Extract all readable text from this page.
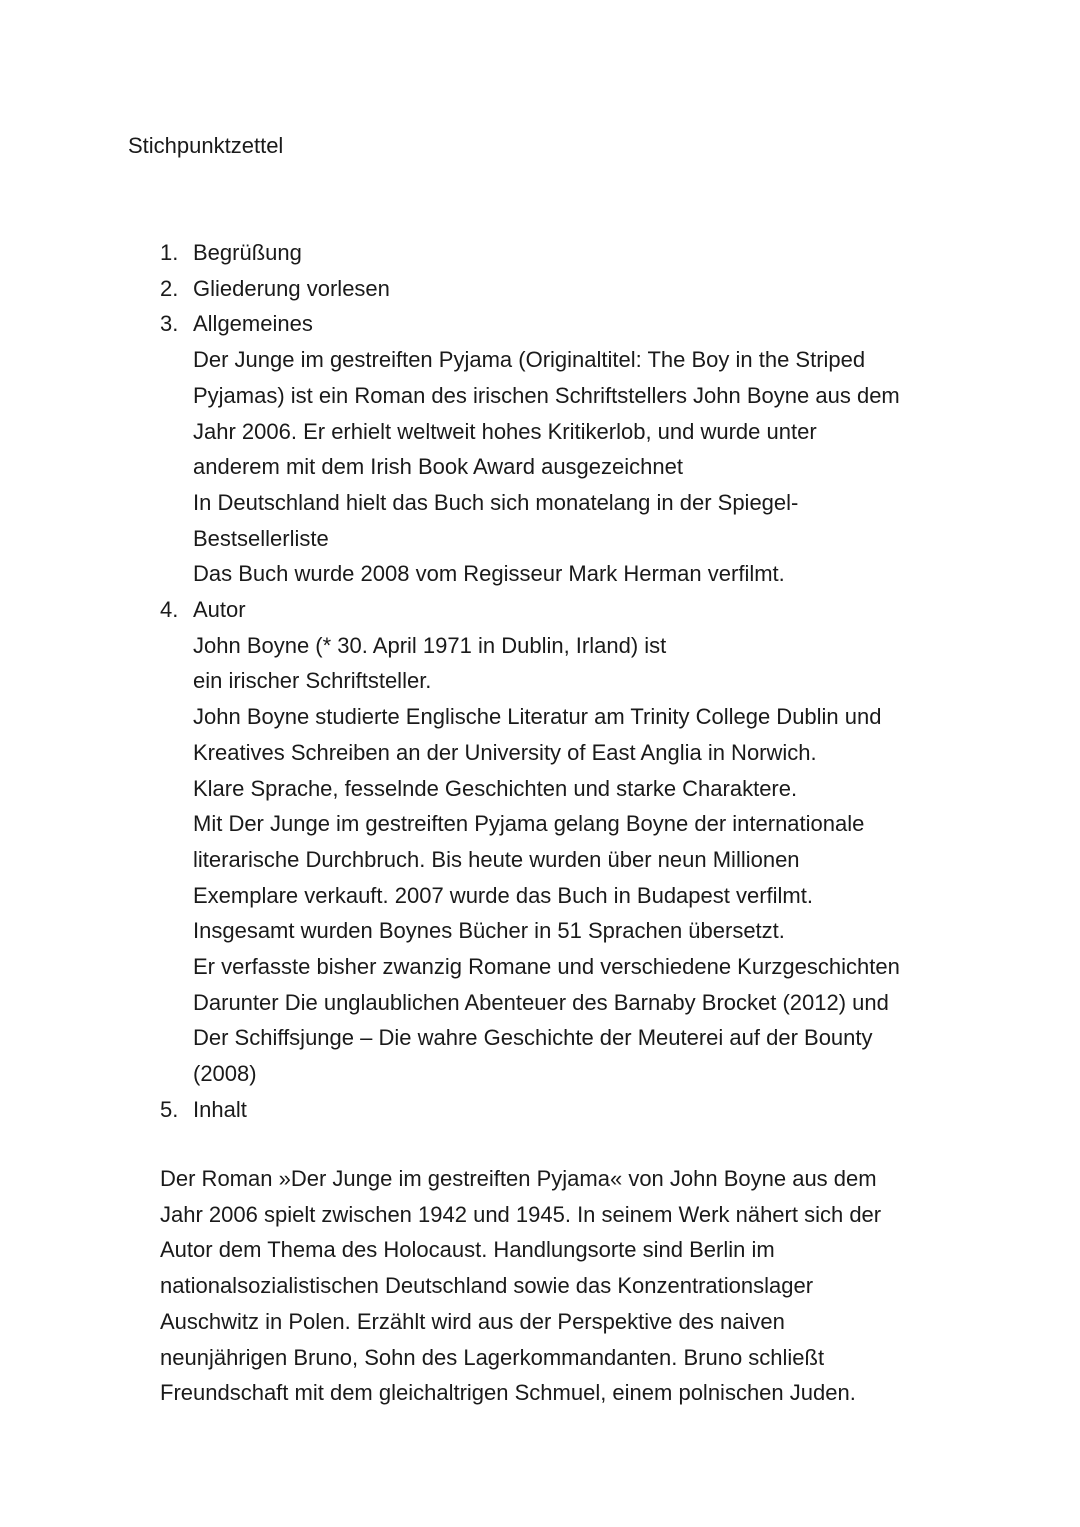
Stichpunktzettel
1. Begrüßung
2. Gliederung vorlesen
3. Allgemeines
Der Junge im gestreiften Pyjama (Originaltitel: The Boy in the Striped
Pyjamas) ist ein Roman des irischen Schriftstellers John Boyne aus dem
Jahr 2006. Er erhielt weltweit hohes Kritikerlob, und wurde unter
anderem mit dem Irish Book Award ausgezeichnet
In Deutschland hielt das Buch sich monatelang in der Spiegel-
Bestsellerliste
Das Buch wurde 2008 vom Regisseur Mark Herman verfilmt.
4. Autor
John Boyne (* 30. April 1971 in Dublin, Irland) ist
ein irischer Schriftsteller.
John Boyne studierte Englische Literatur am Trinity College Dublin und
Kreatives Schreiben an der University of East Anglia in Norwich.
Klare Sprache, fesselnde Geschichten und starke Charaktere.
Mit Der Junge im gestreiften Pyjama gelang Boyne der internationale
literarische Durchbruch. Bis heute wurden über neun Millionen
Exemplare verkauft. 2007 wurde das Buch in Budapest verfilmt.
Insgesamt wurden Boynes Bücher in 51 Sprachen übersetzt.
Er verfasste bisher zwanzig Romane und verschiedene Kurzgeschichten
Darunter Die unglaublichen Abenteuer des Barnaby Brocket (2012) und
Der Schiffsjunge – Die wahre Geschichte der Meuterei auf der Bounty
(2008)
5. Inhalt
Der Roman »Der Junge im gestreiften Pyjama« von John Boyne aus dem
Jahr 2006 spielt zwischen 1942 und 1945. In seinem Werk nähert sich der
Autor dem Thema des Holocaust. Handlungsorte sind Berlin im
nationalsozialistischen Deutschland sowie das Konzentrationslager
Auschwitz in Polen. Erzählt wird aus der Perspektive des naiven
neunjährigen Bruno, Sohn des Lagerkommandanten. Bruno schließt
Freundschaft mit dem gleichaltrigen Schmuel, einem polnischen Juden.
